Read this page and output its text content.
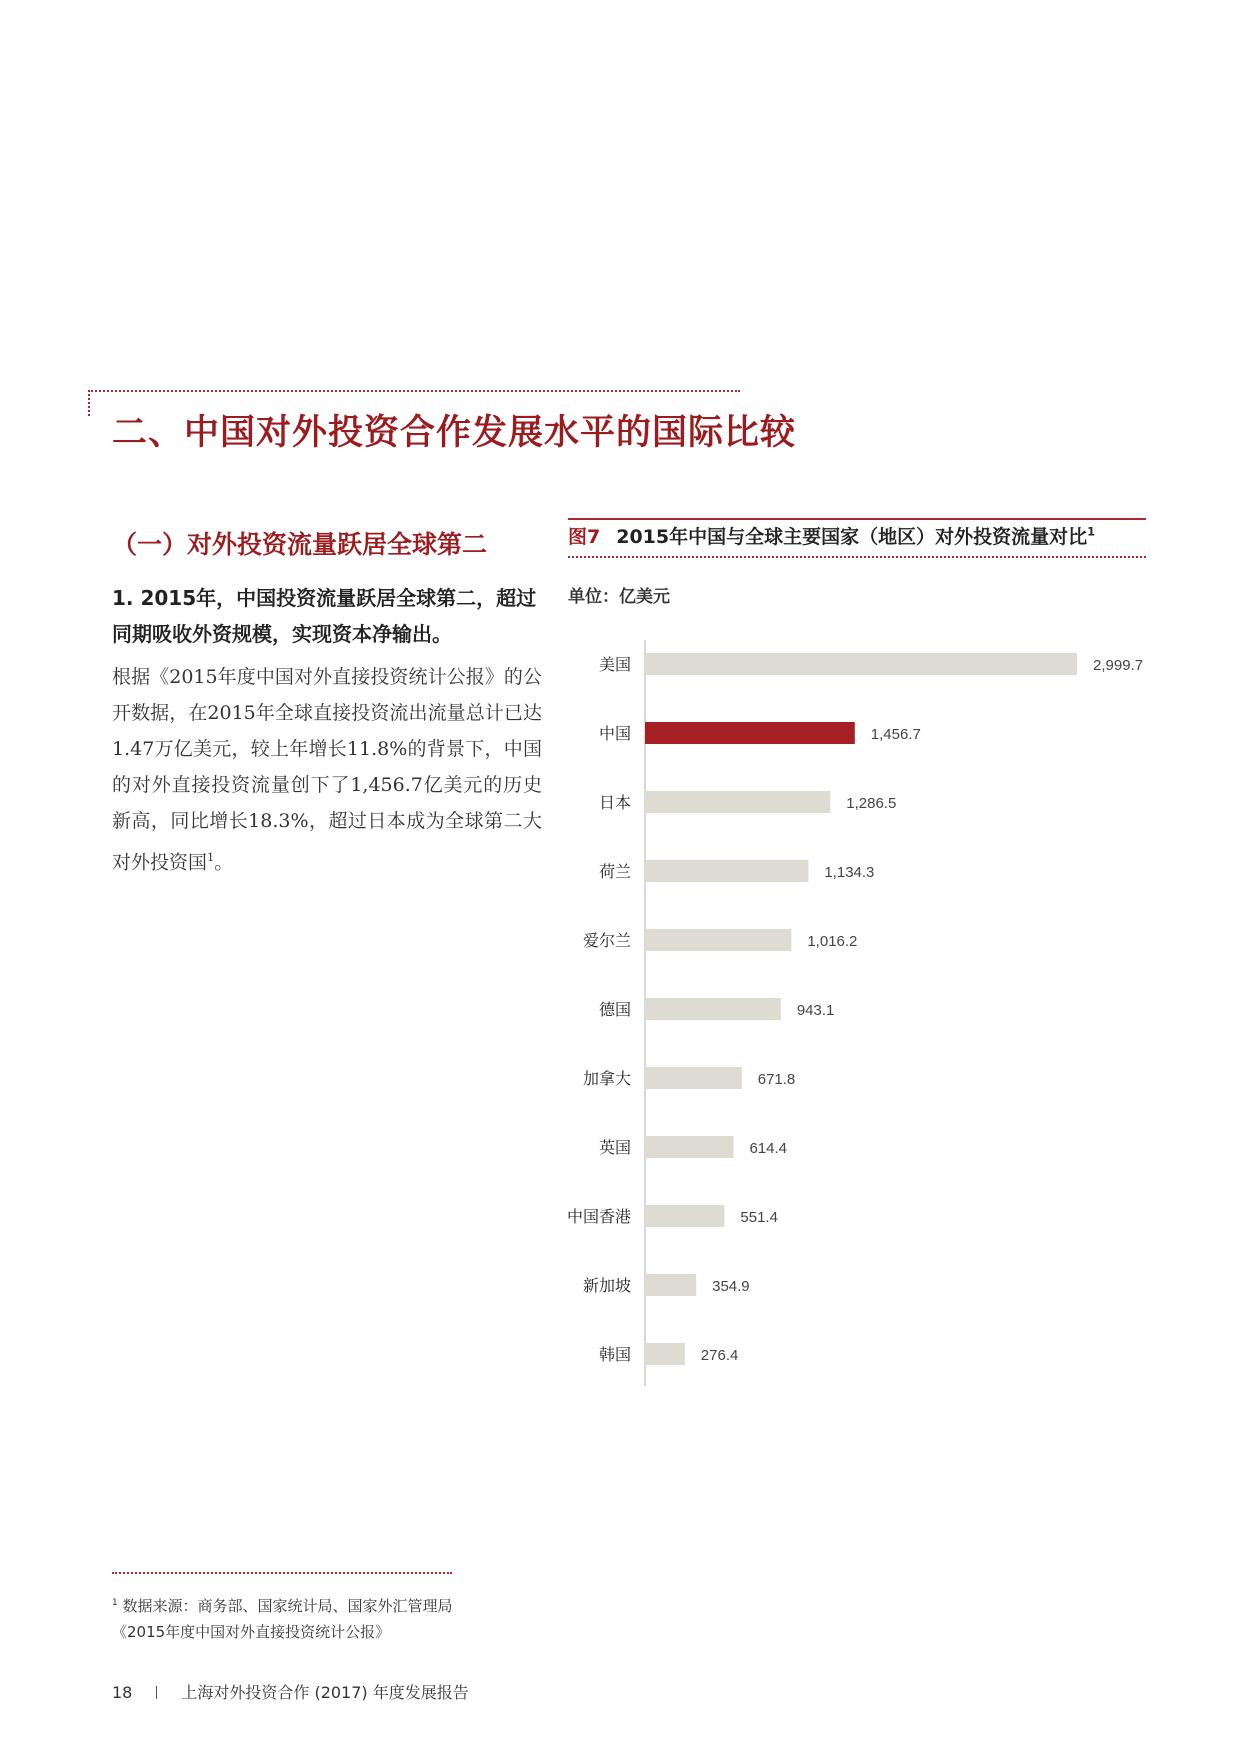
二、中国对外投资合作发展水平的国际比较
（一）对外投资流量跃居全球第二
1. 2015年，中国投资流量跃居全球第二，超过同期吸收外资规模，实现资本净输出。
根据《2015年度中国对外直接投资统计公报》的公开数据，在2015年全球直接投资流出流量总计已达1.47万亿美元，较上年增长11.8%的背景下，中国的对外直接投资流量创下了1,456.7亿美元的历史新高，同比增长18.3%，超过日本成为全球第二大对外投资国$^1$。
图7 2015年中国与全球主要国家（地区）对外投资流量对比$^1$
单位：亿美元
美国	2,999.7
中国	1,456.7
日本	1,286.5
荷兰	1,134.3
爱尔兰	1,016.2
德国	943.1
加拿大	671.8
英国	614.4
中国香港	551.4
新加坡	354.9
韩国	276.4
$^1$ 数据来源：商务部、国家统计局、国家外汇管理局《2015年度中国对外直接投资统计公报》
18	上海对外投资合作 (2017) 年度发展报告
